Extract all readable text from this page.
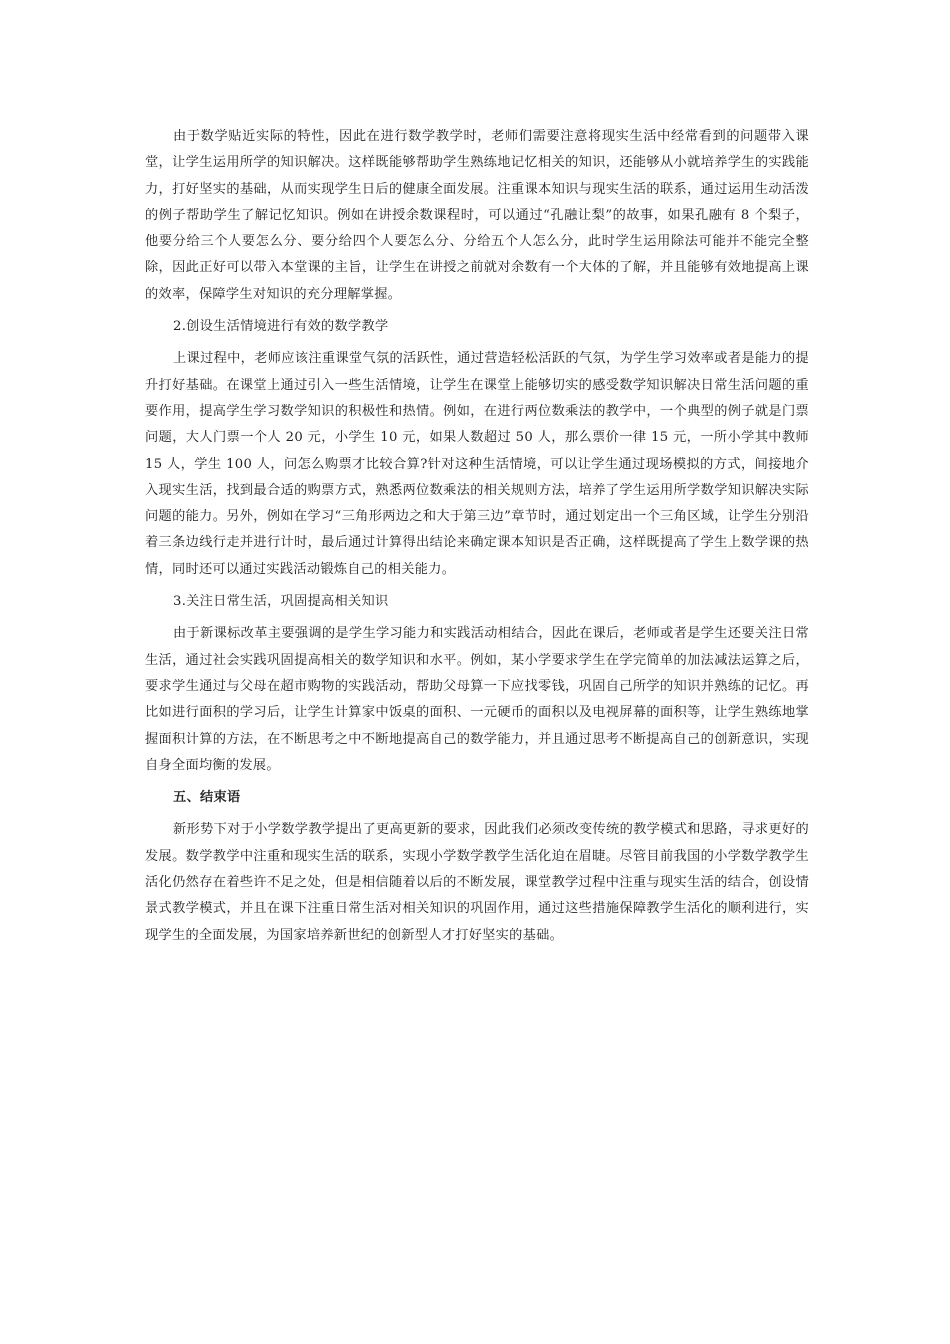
由于数学贴近实际的特性，因此在进行数学教学时，老师们需要注意将现实生活中经常看到的问题带入课堂，让学生运用所学的知识解决。这样既能够帮助学生熟练地记忆相关的知识，还能够从小就培养学生的实践能力，打好坚实的基础，从而实现学生日后的健康全面发展。注重课本知识与现实生活的联系，通过运用生动活泼的例子帮助学生了解记忆知识。例如在讲授余数课程时，可以通过“孔融让梨”的故事，如果孔融有 8 个梨子，他要分给三个人要怎么分、要分给四个人要怎么分、分给五个人怎么分，此时学生运用除法可能并不能完全整除，因此正好可以带入本堂课的主旨，让学生在讲授之前就对余数有一个大体的了解，并且能够有效地提高上课的效率，保障学生对知识的充分理解掌握。

2.创设生活情境进行有效的数学教学

上课过程中，老师应该注重课堂气氛的活跃性，通过营造轻松活跃的气氛，为学生学习效率或者是能力的提升打好基础。在课堂上通过引入一些生活情境，让学生在课堂上能够切实的感受数学知识解决日常生活问题的重要作用，提高学生学习数学知识的积极性和热情。例如，在进行两位数乘法的教学中，一个典型的例子就是门票问题，大人门票一个人 20 元，小学生 10 元，如果人数超过 50 人，那么票价一律 15 元，一所小学其中教师 15 人，学生 100 人，问怎么购票才比较合算?针对这种生活情境，可以让学生通过现场模拟的方式，间接地介入现实生活，找到最合适的购票方式，熟悉两位数乘法的相关规则方法，培养了学生运用所学数学知识解决实际问题的能力。另外，例如在学习“三角形两边之和大于第三边”章节时，通过划定出一个三角区域，让学生分别沿着三条边线行走并进行计时，最后通过计算得出结论来确定课本知识是否正确，这样既提高了学生上数学课的热情，同时还可以通过实践活动锻炼自己的相关能力。

3.关注日常生活，巩固提高相关知识

由于新课标改革主要强调的是学生学习能力和实践活动相结合，因此在课后，老师或者是学生还要关注日常生活，通过社会实践巩固提高相关的数学知识和水平。例如，某小学要求学生在学完简单的加法减法运算之后，要求学生通过与父母在超市购物的实践活动，帮助父母算一下应找零钱，巩固自己所学的知识并熟练的记忆。再比如进行面积的学习后，让学生计算家中饭桌的面积、一元硬币的面积以及电视屏幕的面积等，让学生熟练地掌握面积计算的方法，在不断思考之中不断地提高自己的数学能力，并且通过思考不断提高自己的创新意识，实现自身全面均衡的发展。

五、结束语

新形势下对于小学数学教学提出了更高更新的要求，因此我们必须改变传统的教学模式和思路，寻求更好的发展。数学教学中注重和现实生活的联系，实现小学数学教学生活化迫在眉睫。尽管目前我国的小学数学教学生活化仍然存在着些许不足之处，但是相信随着以后的不断发展，课堂教学过程中注重与现实生活的结合，创设情景式教学模式，并且在课下注重日常生活对相关知识的巩固作用，通过这些措施保障教学生活化的顺利进行，实现学生的全面发展，为国家培养新世纪的创新型人才打好坚实的基础。
